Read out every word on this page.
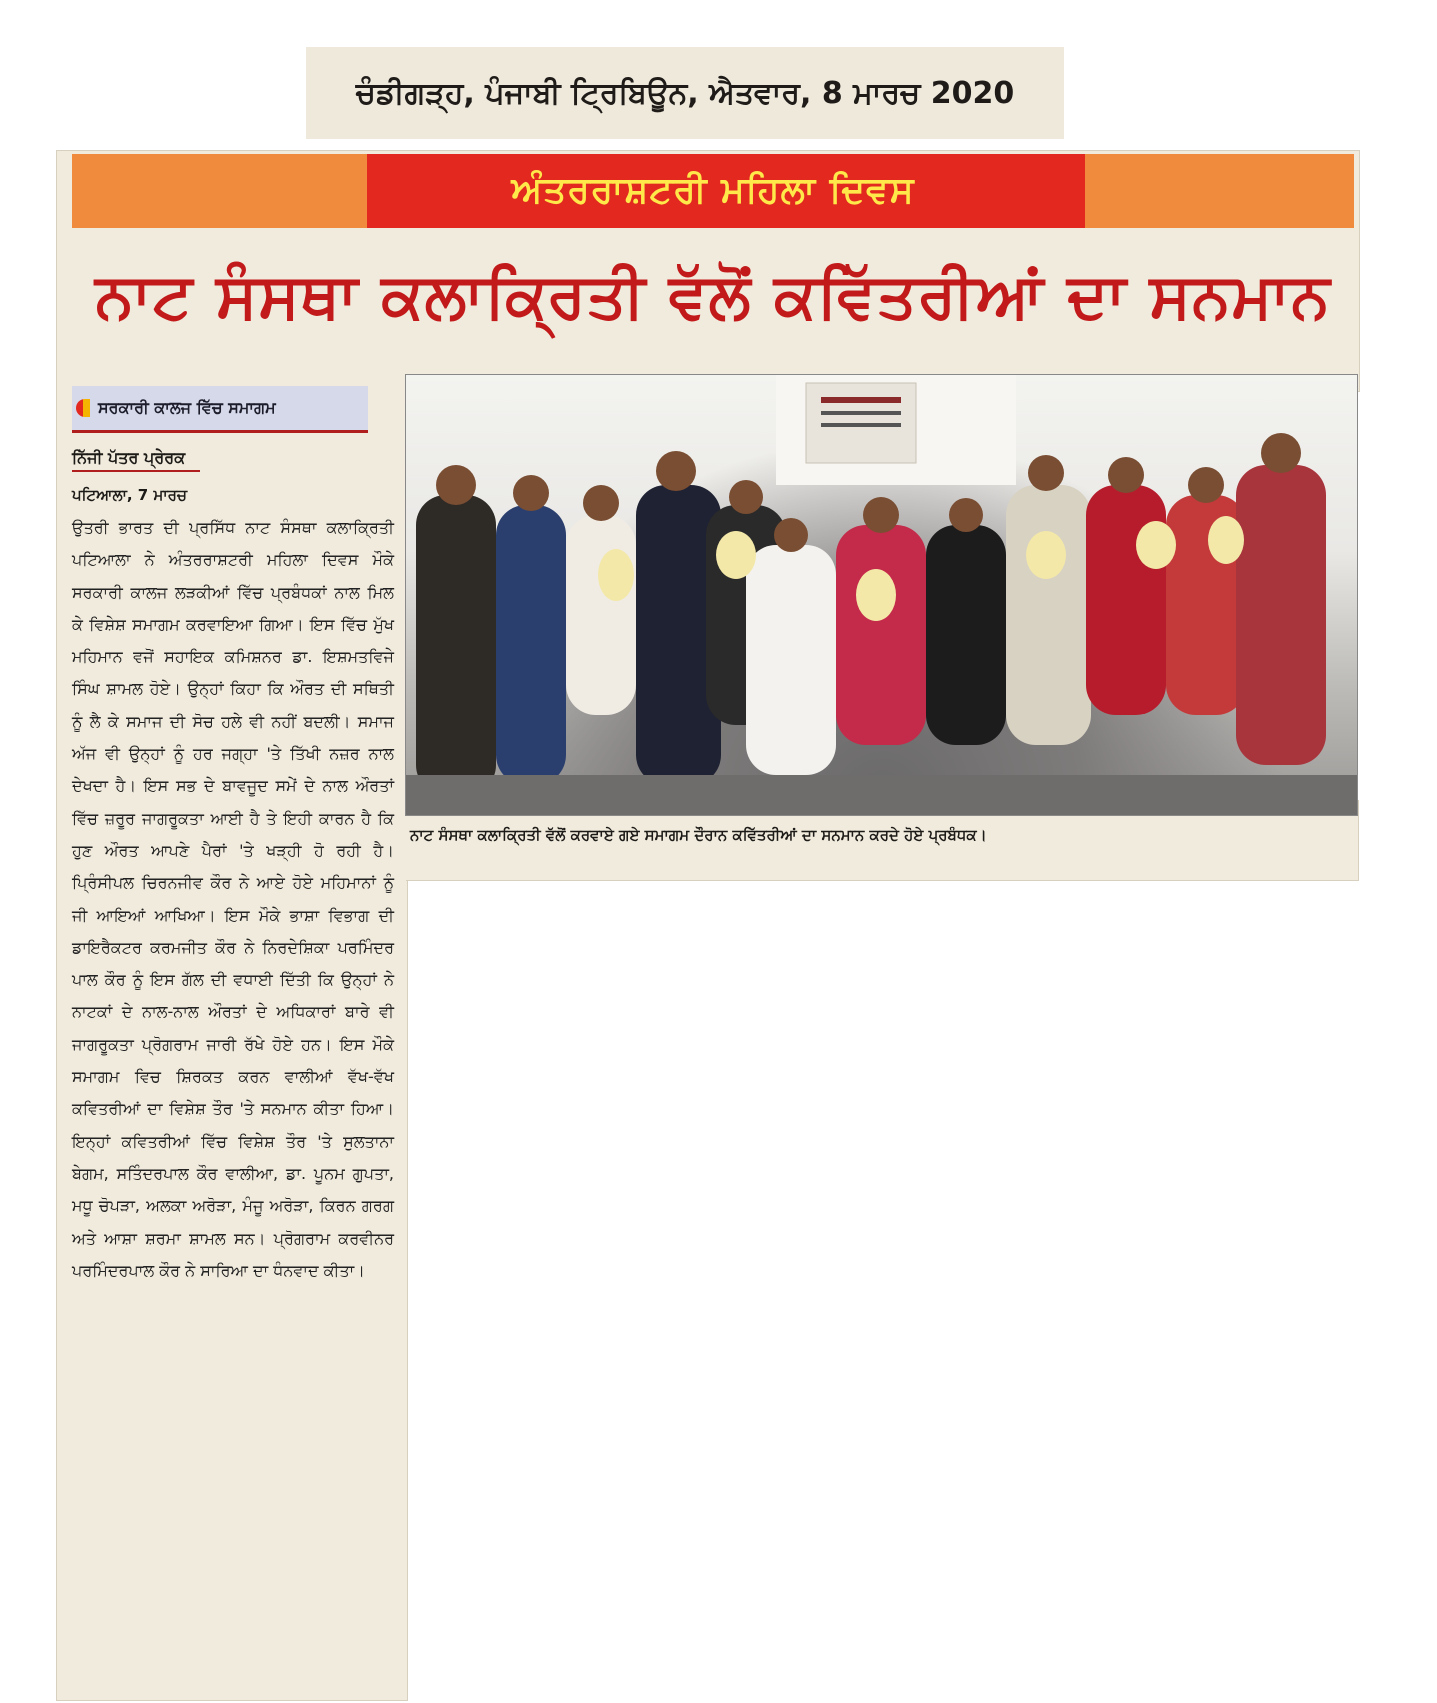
ਚੰਡੀਗੜ੍ਹ, ਪੰਜਾਬੀ ਟ੍ਰਿਬਿਊਨ, ਐਤਵਾਰ, 8 ਮਾਰਚ 2020
ਅੰਤਰਰਾਸ਼ਟਰੀ ਮਹਿਲਾ ਦਿਵਸ
ਨਾਟ ਸੰਸਥਾ ਕਲਾਕ੍ਰਿਤੀ ਵੱਲੋਂ ਕਵਿੱਤਰੀਆਂ ਦਾ ਸਨਮਾਨ
ਸਰਕਾਰੀ ਕਾਲਜ ਵਿੱਚ ਸਮਾਗਮ
ਨਿੱਜੀ ਪੱਤਰ ਪ੍ਰੇਰਕ
ਪਟਿਆਲਾ, 7 ਮਾਰਚ

ਉਤਰੀ ਭਾਰਤ ਦੀ ਪ੍ਰਸਿੱਧ ਨਾਟ ਸੰਸਥਾ ਕਲਾਕ੍ਰਿਤੀ ਪਟਿਆਲਾ ਨੇ ਅੰਤਰਰਾਸ਼ਟਰੀ ਮਹਿਲਾ ਦਿਵਸ ਮੌਕੇ ਸਰਕਾਰੀ ਕਾਲਜ ਲੜਕੀਆਂ ਵਿੱਚ ਪ੍ਰਬੰਧਕਾਂ ਨਾਲ ਮਿਲ ਕੇ ਵਿਸ਼ੇਸ਼ ਸਮਾਗਮ ਕਰਵਾਇਆ ਗਿਆ। ਇਸ ਵਿੱਚ ਮੁੱਖ ਮਹਿਮਾਨ ਵਜੋਂ ਸਹਾਇਕ ਕਮਿਸ਼ਨਰ ਡਾ. ਇਸ਼ਮਤਵਿਜੇ ਸਿੰਘ ਸ਼ਾਮਲ ਹੋਏ। ਉਨ੍ਹਾਂ ਕਿਹਾ ਕਿ ਔਰਤ ਦੀ ਸਥਿਤੀ ਨੂੰ ਲੈ ਕੇ ਸਮਾਜ ਦੀ ਸੋਚ ਹਲੇ ਵੀ ਨਹੀਂ ਬਦਲੀ। ਸਮਾਜ ਅੱਜ ਵੀ ਉਨ੍ਹਾਂ ਨੂੰ ਹਰ ਜਗ੍ਹਾ 'ਤੇ ਤਿੱਖੀ ਨਜ਼ਰ ਨਾਲ ਦੇਖਦਾ ਹੈ। ਇਸ ਸਭ ਦੇ ਬਾਵਜੂਦ ਸਮੇਂ ਦੇ ਨਾਲ ਔਰਤਾਂ ਵਿੱਚ ਜ਼ਰੂਰ ਜਾਗਰੂਕਤਾ ਆਈ ਹੈ ਤੇ ਇਹੀ ਕਾਰਨ ਹੈ ਕਿ ਹੁਣ ਔਰਤ ਆਪਣੇ ਪੈਰਾਂ 'ਤੇ ਖੜ੍ਹੀ ਹੋ ਰਹੀ ਹੈ। ਪ੍ਰਿੰਸੀਪਲ ਚਿਰਨਜੀਵ ਕੌਰ ਨੇ ਆਏ ਹੋਏ ਮਹਿਮਾਨਾਂ ਨੂੰ ਜੀ ਆਇਆਂ ਆਖਿਆ। ਇਸ ਮੌਕੇ ਭਾਸ਼ਾ ਵਿਭਾਗ ਦੀ ਡਾਇਰੈਕਟਰ ਕਰਮਜੀਤ ਕੌਰ ਨੇ ਨਿਰਦੇਸ਼ਿਕਾ ਪਰਮਿੰਦਰ ਪਾਲ ਕੌਰ ਨੂੰ ਇਸ ਗੱਲ ਦੀ ਵਧਾਈ ਦਿੱਤੀ ਕਿ ਉਨ੍ਹਾਂ ਨੇ ਨਾਟਕਾਂ ਦੇ ਨਾਲ-ਨਾਲ ਔਰਤਾਂ ਦੇ ਅਧਿਕਾਰਾਂ ਬਾਰੇ ਵੀ ਜਾਗਰੂਕਤਾ ਪ੍ਰੋਗਰਾਮ ਜਾਰੀ ਰੱਖੇ ਹੋਏ ਹਨ। ਇਸ ਮੌਕੇ ਸਮਾਗਮ ਵਿਚ ਸ਼ਿਰਕਤ ਕਰਨ ਵਾਲੀਆਂ ਵੱਖ-ਵੱਖ ਕਵਿਤਰੀਆਂ ਦਾ ਵਿਸ਼ੇਸ਼ ਤੌਰ 'ਤੇ ਸਨਮਾਨ ਕੀਤਾ ਹਿਆ। ਇਨ੍ਹਾਂ ਕਵਿਤਰੀਆਂ ਵਿੱਚ ਵਿਸ਼ੇਸ਼ ਤੌਰ 'ਤੇ ਸੁਲਤਾਨਾ ਬੇਗਮ, ਸਤਿੰਦਰਪਾਲ ਕੌਰ ਵਾਲੀਆ, ਡਾ. ਪੂਨਮ ਗੁਪਤਾ, ਮਧੂ ਚੋਪੜਾ, ਅਲਕਾ ਅਰੋੜਾ, ਮੰਜੂ ਅਰੋੜਾ, ਕਿਰਨ ਗਰਗ ਅਤੇ ਆਸ਼ਾ ਸ਼ਰਮਾ ਸ਼ਾਮਲ ਸਨ। ਪ੍ਰੋਗਰਾਮ ਕਰਵੀਨਰ ਪਰਮਿੰਦਰਪਾਲ ਕੌਰ ਨੇ ਸਾਰਿਆ ਦਾ ਧੰਨਵਾਦ ਕੀਤਾ।

ਨਾਟ ਸੰਸਥਾ ਕਲਾਕ੍ਰਿਤੀ ਵੱਲੋਂ ਕਰਵਾਏ ਗਏ ਸਮਾਗਮ ਦੌਰਾਨ ਕਵਿੱਤਰੀਆਂ ਦਾ ਸਨਮਾਨ ਕਰਦੇ ਹੋਏ ਪ੍ਰਬੰਧਕ।
